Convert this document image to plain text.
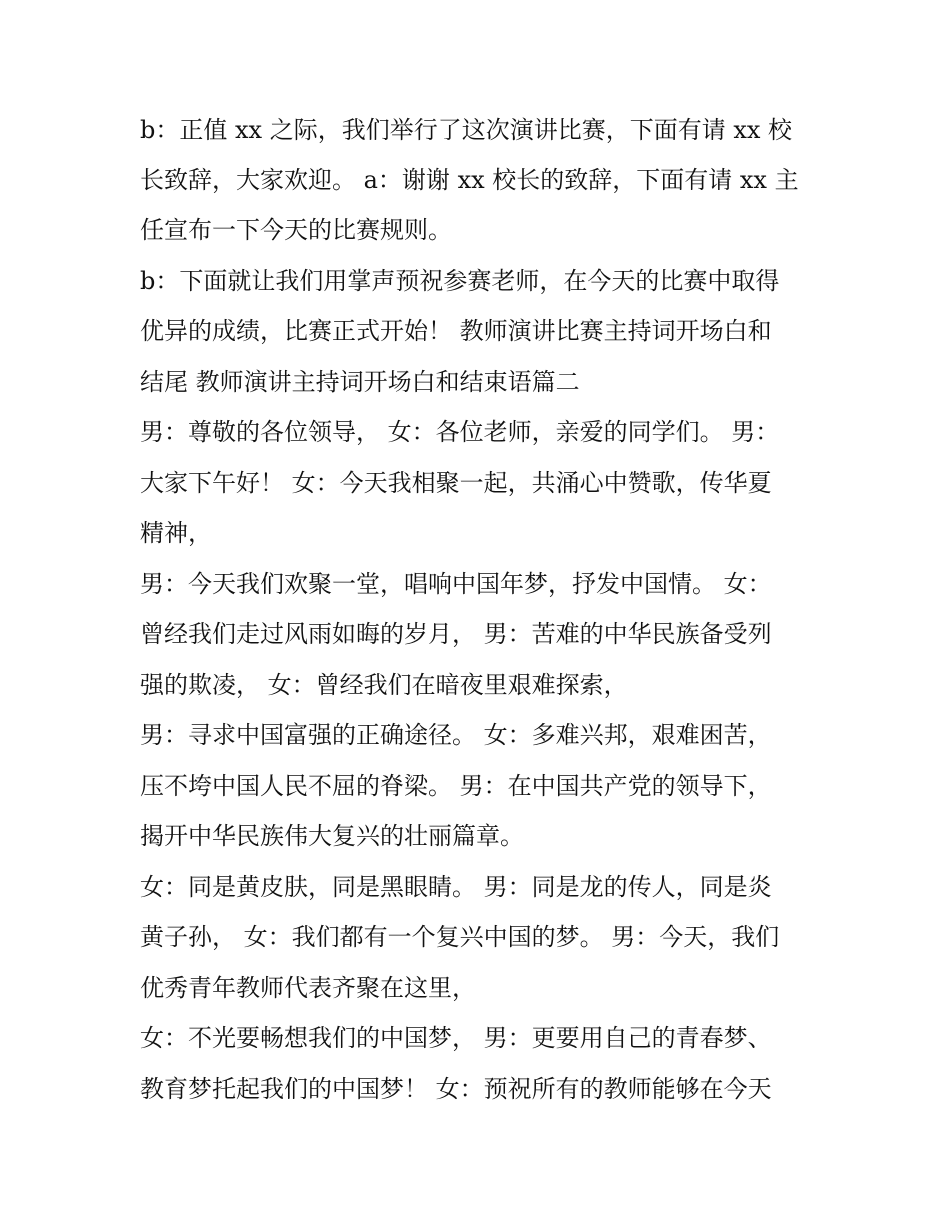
b：正值 xx 之际，我们举行了这次演讲比赛，下面有请 xx 校
长致辞，大家欢迎。 a：谢谢 xx 校长的致辞，下面有请 xx 主
任宣布一下今天的比赛规则。
b：下面就让我们用掌声预祝参赛老师，在今天的比赛中取得
优异的成绩，比赛正式开始！ 教师演讲比赛主持词开场白和
结尾 教师演讲主持词开场白和结束语篇二
男：尊敬的各位领导， 女：各位老师，亲爱的同学们。 男：
大家下午好！ 女：今天我相聚一起，共涌心中赞歌，传华夏
精神，
男：今天我们欢聚一堂，唱响中国年梦，抒发中国情。 女：
曾经我们走过风雨如晦的岁月， 男：苦难的中华民族备受列
强的欺凌， 女：曾经我们在暗夜里艰难探索，
男：寻求中国富强的正确途径。 女：多难兴邦，艰难困苦，
压不垮中国人民不屈的脊梁。 男：在中国共产党的领导下，
揭开中华民族伟大复兴的壮丽篇章。
女：同是黄皮肤，同是黑眼睛。 男：同是龙的传人，同是炎
黄子孙， 女：我们都有一个复兴中国的梦。 男：今天，我们
优秀青年教师代表齐聚在这里，
女：不光要畅想我们的中国梦， 男：更要用自己的青春梦、
教育梦托起我们的中国梦！ 女：预祝所有的教师能够在今天
